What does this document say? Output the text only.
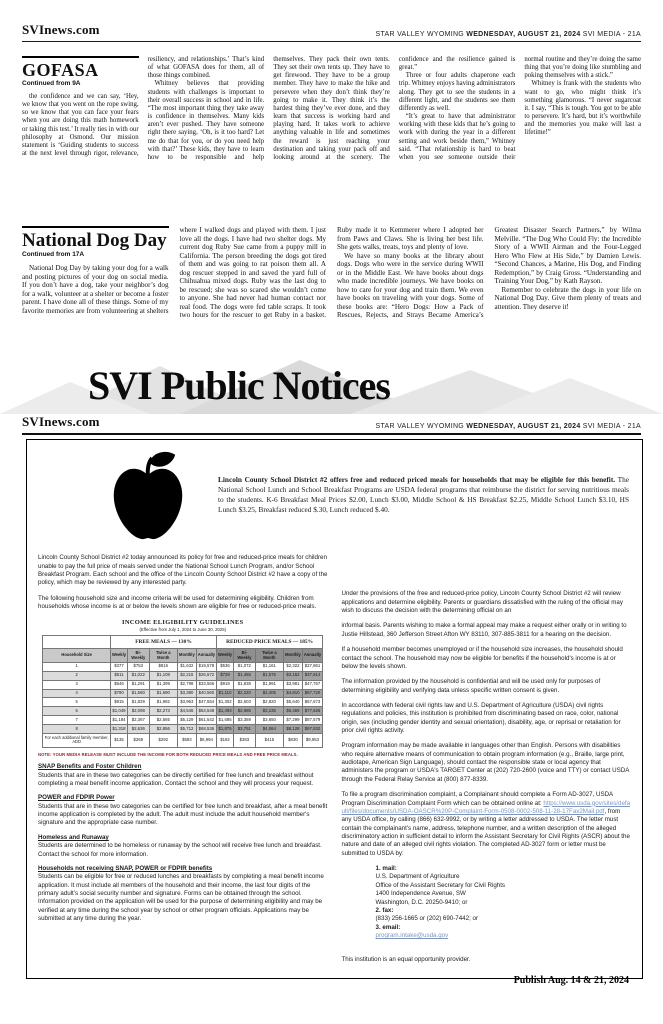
SVInews.com	STAR VALLEY WYOMING WEDNESDAY, AUGUST 21, 2024 SVI MEDIA - 21A
GOFASA
Continued from 9A

the confidence and we can say, ‘Hey, we know that you went on the rope swing, so we know that you can face your fears when you are doing this math homework or taking this test.’ It really ties in with our philosophy at Osmond. Our mission statement is ‘Guiding students to success at the next level through rigor, relevance, resiliency, and relationships.’ That’s kind of what GOFASA does for them, all of those things combined.

Whitney believes that providing students with challenges is important to their overall success in school and in life. “The most important thing they take away is confidence in themselves. Many kids aren’t ever pushed. They have someone right there saying, ‘Oh, is it too hard? Let me do that for you, or do you need help with that?’ These kids, they have to learn how to be responsible and help themselves. They pack their own tents. They set their own tents up. They have to get firewood. They have to be a group member. They have to make the hike and persevere when they don’t think they’re going to make it. They think it’s the hardest thing they’ve ever done, and they learn that success is working hard and playing hard. It takes work to achieve anything valuable in life and sometimes the reward is just reaching your destination and taking your pack off and looking around at the scenery. The confidence and the resilience gained is great.”

Three or four adults chaperone each trip. Whitney enjoys having administrators along. They get to see the students in a different light, and the students see them differently as well.

“It’s great to have that administrator working with these kids that he’s going to work with during the year in a different setting and work beside them,” Whitney said. “That relationship is hard to beat when you see someone outside their normal routine and they’re doing the same thing that you’re doing like stumbling and poking themselves with a stick.”

Whitney is frank with the students who want to go, who might think it’s something glamorous. “I never sugarcoat it. I say, “This is tough. You got to be able to persevere. It’s hard, but it’s worthwhile and the memories you make will last a lifetime!”

National Dog Day
Continued from 17A

National Dog Day by taking your dog for a walk and posting pictures of your dog on social media. If you don’t have a dog, take your neighbor’s dog for a walk, volunteer at a shelter or become a foster parent. I have done all of these things. Some of my favorite memories are from volunteering at shelters where I walked dogs and played with them. I just love all the dogs. I have had two shelter dogs. My current dog Ruby Sue came from a puppy mill in California. The person breeding the dogs got tired of them and was going to rat poison them all. A dog rescuer stepped in and saved the yard full of Chihuahua mixed dogs. Ruby was the last dog to be rescued; she was so scared she wouldn’t come to anyone. She had never had human contact nor real food. The dogs were fed table scraps. It took two hours for the rescuer to get Ruby in a basket. Ruby made it to Kemmerer where I adopted her from Paws and Claws. She is living her best life. She gets walks, treats, toys and plenty of love.

We have so many books at the library about dogs. Dogs who were in the service during WWII or in the Middle East. We have books about dogs who made incredible journeys. We have books on how to care for your dog and train them. We even have books on traveling with your dogs. Some of these books are: “Hero Dogs: How a Pack of Rescues, Rejects, and Strays Became America’s Greatest Disaster Search Partners,” by Wilma Melville. “The Dog Who Could Fly: the Incredible Story of a WWII Airman and the Four-Legged Hero Who Flew at His Side,” by Damien Lewis. “Second Chances, a Marine, His Dog, and Finding Redemption,” by Craig Gross. “Understanding and Training Your Dog,” by Kath Rayson.

Remember to celebrate the dogs in your life on National Dog Day. Give them plenty of treats and attention. They deserve it!

SVI Public Notices
SVInews.com	STAR VALLEY WYOMING WEDNESDAY, AUGUST 21, 2024 SVI MEDIA - 21A
Lincoln County School District #2 offers free and reduced priced meals for households that may be eligible for this benefit. The National School Lunch and School Breakfast Programs are USDA federal programs that reimburse the district for serving nutritious meals to the students. K-6 Breakfast Meal Prices $2.00, Lunch $3.00, Middle School & HS Breakfast $2.25, Middle School Lunch $3.10, HS Lunch $3.25, Breakfast reduced $.30, Lunch reduced $.40.

Lincoln County School District #2 today announced its policy for free and reduced-price meals for children unable to pay the full price of meals served under the National School Lunch Program, and/or School Breakfast Program. Each school and the office of the Lincoln County School District #2 have a copy of the policy, which may be reviewed by any interested party.

The following household size and income criteria will be used for determining eligibility. Children from households whose income is at or below the levels shown are eligible for free or reduced-price meals.

INCOME ELIGIBILITY GUIDELINES
(Effective from July 1, 2024 to June 30, 2025)
	FREE MEALS — 130%					REDUCED PRICE MEALS — 185%				
Household Size	Weekly	Bi-Weekly	Twice a Month	Monthly	Annually	Weekly	Bi-Weekly	Twice a Month	Monthly	Annually
1	$377	$753	$816	$1,632	$19,578	$536	$1,072	$1,161	$2,322	$27,861
2	$511	$1,022	$1,108	$2,215	$26,572	$728	$1,455	$1,576	$3,152	$37,814
3	$646	$1,291	$1,399	$2,798	$33,566	$919	$1,838	$1,991	$3,981	$47,767
4	$780	$1,560	$1,690	$3,380	$40,560	$1,110	$2,220	$2,405	$4,810	$57,720
5	$915	$1,829	$1,982	$3,963	$47,554	$1,302	$2,603	$2,820	$5,640	$67,673
6	$1,049	$2,098	$2,273	$4,546	$54,548	$1,493	$2,986	$3,235	$6,469	$77,626
7	$1,184	$2,367	$2,565	$5,129	$61,542	$1,685	$3,369	$3,650	$7,299	$87,579
8	$1,318	$2,636	$2,856	$5,712	$68,536	$1,876	$3,751	$4,064	$8,128	$97,532
For each additional family member, ADD	$135	$269	$292	$583	$6,994	$192	$383	$415	$830	$9,953
NOTE: YOUR MEDIA RELEASE MUST INCLUDE THE INCOME FOR BOTH REDUCED PRICE MEALS AND FREE PRICE MEALS.
SNAP Benefits and Foster Children
Students that are in these two categories can be directly certified for free lunch and breakfast without completing a meal benefit income application. Contact the school and they will process your request.
POWER and FDPIR Power
Students that are in these two categories can be certified for free lunch and breakfast, after a meal benefit income application is completed by the adult. The adult must include the adult household member's signature and the appropriate case number.
Homeless and Runaway
Students are determined to be homeless or runaway by the school will receive free lunch and breakfast. Contact the school for more information.
Households not receiving SNAP, POWER or FDPIR benefits
Students can be eligible for free or reduced lunches and breakfasts by completing a meal benefit income application. It must include all members of the household and their income, the last four digits of the primary adult's social security number and signature. Forms can be obtained through the school. Information provided on the application will be used for the purpose of determining eligibility and may be verified at any time during the school year by school or other program officials. Applications may be submitted at any time during the year.

Under the provisions of the free and reduced-price policy, Lincoln County School District #2 will review applications and determine eligibility. Parents or guardians dissatisfied with the ruling of the official may wish to discuss the decision with the determining official on an

informal basis. Parents wishing to make a formal appeal may make a request either orally or in writing to Justie Hillstead, 360 Jefferson Street Afton WY 83110, 307-885-3811 for a hearing on the decision.

If a household member becomes unemployed or if the household size increases, the household should contact the school. The household may now be eligible for benefits if the household's income is at or below the levels shown.

The information provided by the household is confidential and will be used only for purposes of determining eligibility and verifying data unless specific written consent is given.

In accordance with federal civil rights law and U.S. Department of Agriculture (USDA) civil rights regulations and policies, this institution is prohibited from discriminating based on race, color, national origin, sex (including gender identity and sexual orientation), disability, age, or reprisal or retaliation for prior civil rights activity.

Program information may be made available in languages other than English. Persons with disabilities who require alternative means of communication to obtain program information (e.g., Braille, large print, audiotape, American Sign Language), should contact the responsible state or local agency that administers the program or USDA's TARGET Center at (202) 720-2600 (voice and TTY) or contact USDA through the Federal Relay Service at (800) 877-8339.

To file a program discrimination complaint, a Complainant should complete a Form AD-3027, USDA Program Discrimination Complaint Form which can be obtained online at: https://www.usda.gov/sites/default/files/documents/USDA-OASCR%20P-Complaint-Form-0508-0002-508-11-28-17Fax2Mail.pdf, from any USDA office, by calling (866) 632-9992, or by writing a letter addressed to USDA. The letter must contain the complainant's name, address, telephone number, and a written description of the alleged discriminatory action in sufficient detail to inform the Assistant Secretary for Civil Rights (ASCR) about the nature and date of an alleged civil rights violation. The completed AD-3027 form or letter must be submitted to USDA by:

1. mail:
U.S. Department of Agriculture
Office of the Assistant Secretary for Civil Rights
1400 Independence Avenue, SW
Washington, D.C. 20250-9410; or
2. fax:
(833) 256-1665 or (202) 690-7442; or
3. email:
program.intake@usda.gov

This institution is an equal opportunity provider.

Publish Aug. 14 & 21, 2024
